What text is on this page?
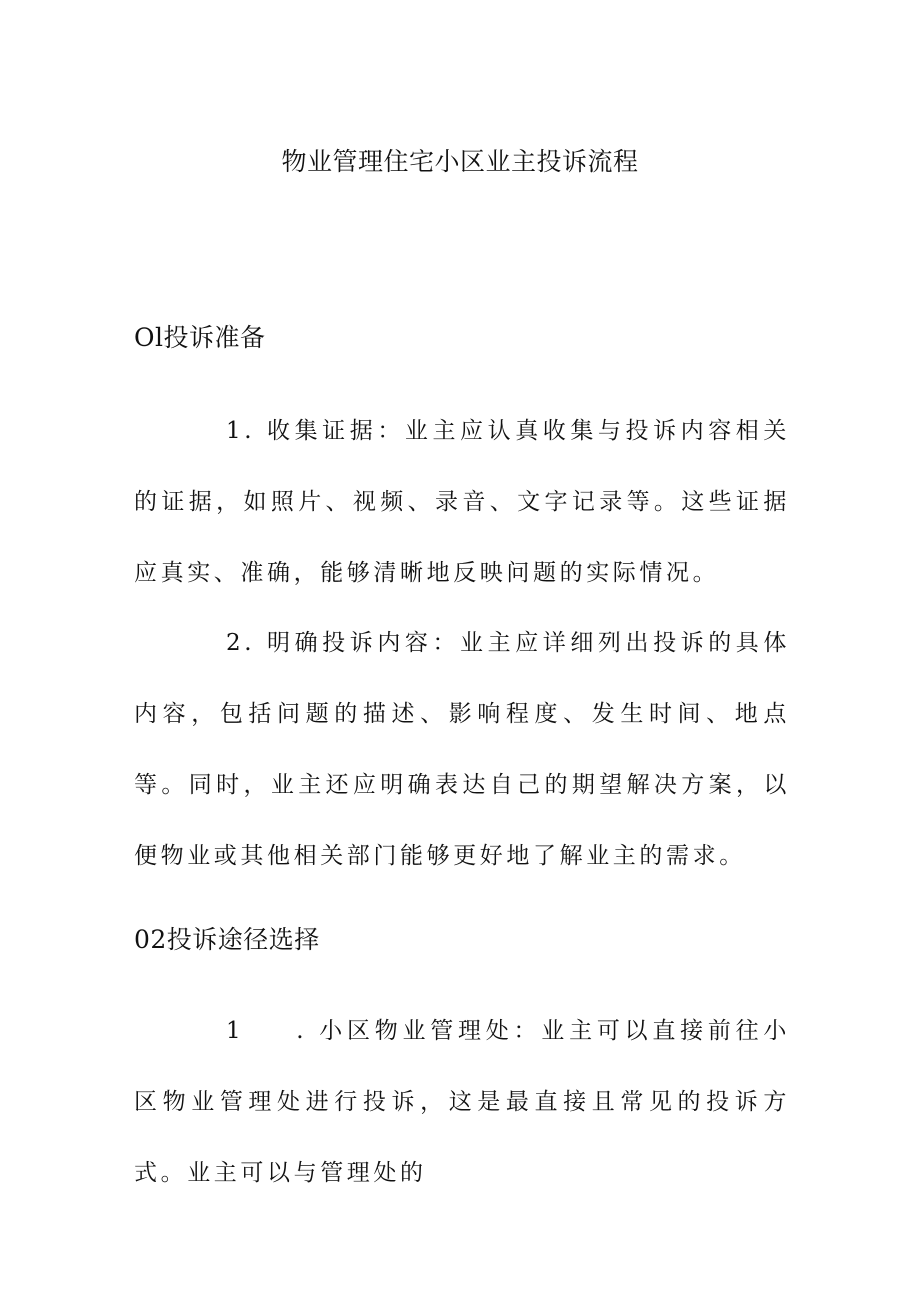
物业管理住宅小区业主投诉流程
Ol投诉准备
1. 收集证据：业主应认真收集与投诉内容相关的证据，如照片、视频、录音、文字记录等。这些证据应真实、准确，能够清晰地反映问题的实际情况。
2. 明确投诉内容：业主应详细列出投诉的具体内容，包括问题的描述、影响程度、发生时间、地点等。同时，业主还应明确表达自己的期望解决方案，以便物业或其他相关部门能够更好地了解业主的需求。
02投诉途径选择
1 . 小区物业管理处：业主可以直接前往小区物业管理处进行投诉，这是最直接且常见的投诉方式。业主可以与管理处的
